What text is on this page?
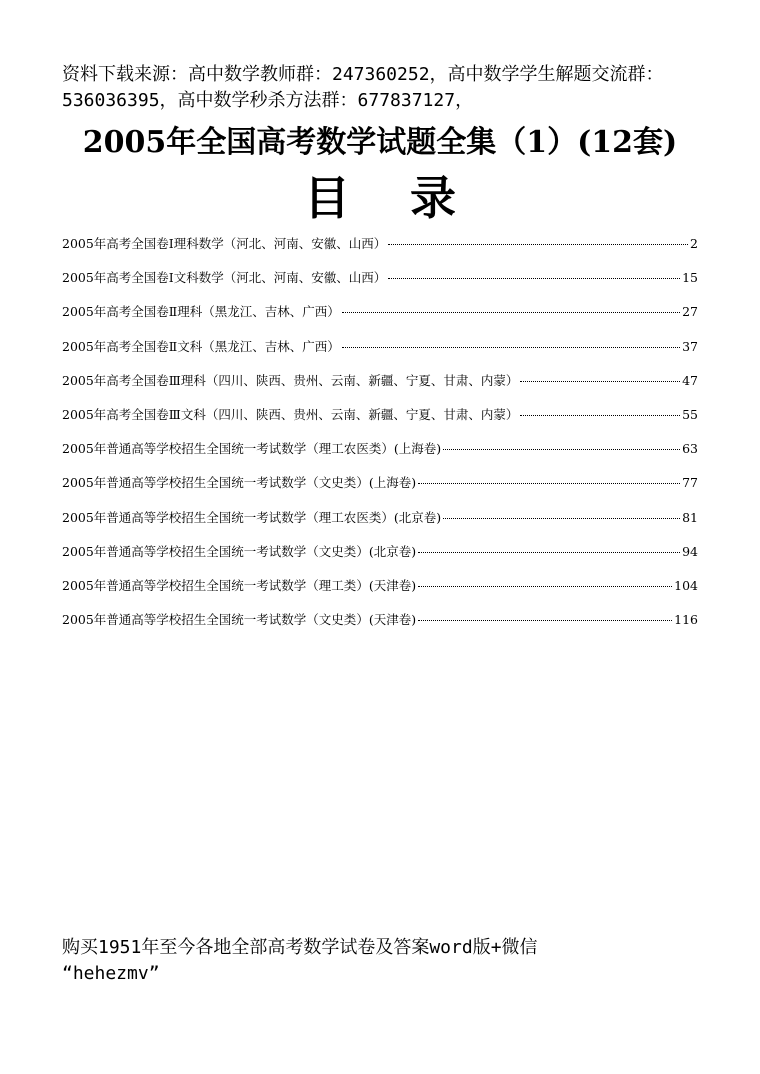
资料下载来源：高中数学教师群：247360252，高中数学学生解题交流群：
536036395，高中数学秒杀方法群：677837127，
2005年全国高考数学试题全集（1）(12套)
目录
2005年高考全国卷Ⅰ理科数学（河北、河南、安徽、山西）	2
2005年高考全国卷Ⅰ文科数学（河北、河南、安徽、山西）	15
2005年高考全国卷Ⅱ理科（黑龙江、吉林、广西）	27
2005年高考全国卷Ⅱ文科（黑龙江、吉林、广西）	37
2005年高考全国卷Ⅲ理科（四川、陕西、贵州、云南、新疆、宁夏、甘肃、内蒙）	47
2005年高考全国卷Ⅲ文科（四川、陕西、贵州、云南、新疆、宁夏、甘肃、内蒙）	55
2005年普通高等学校招生全国统一考试数学（理工农医类）(上海卷)	63
2005年普通高等学校招生全国统一考试数学（文史类）(上海卷)	77
2005年普通高等学校招生全国统一考试数学（理工农医类）(北京卷)	81
2005年普通高等学校招生全国统一考试数学（文史类）(北京卷)	94
2005年普通高等学校招生全国统一考试数学（理工类）(天津卷)	104
2005年普通高等学校招生全国统一考试数学（文史类）(天津卷)	116
购买1951年至今各地全部高考数学试卷及答案word版+微信
“hehezmv”
